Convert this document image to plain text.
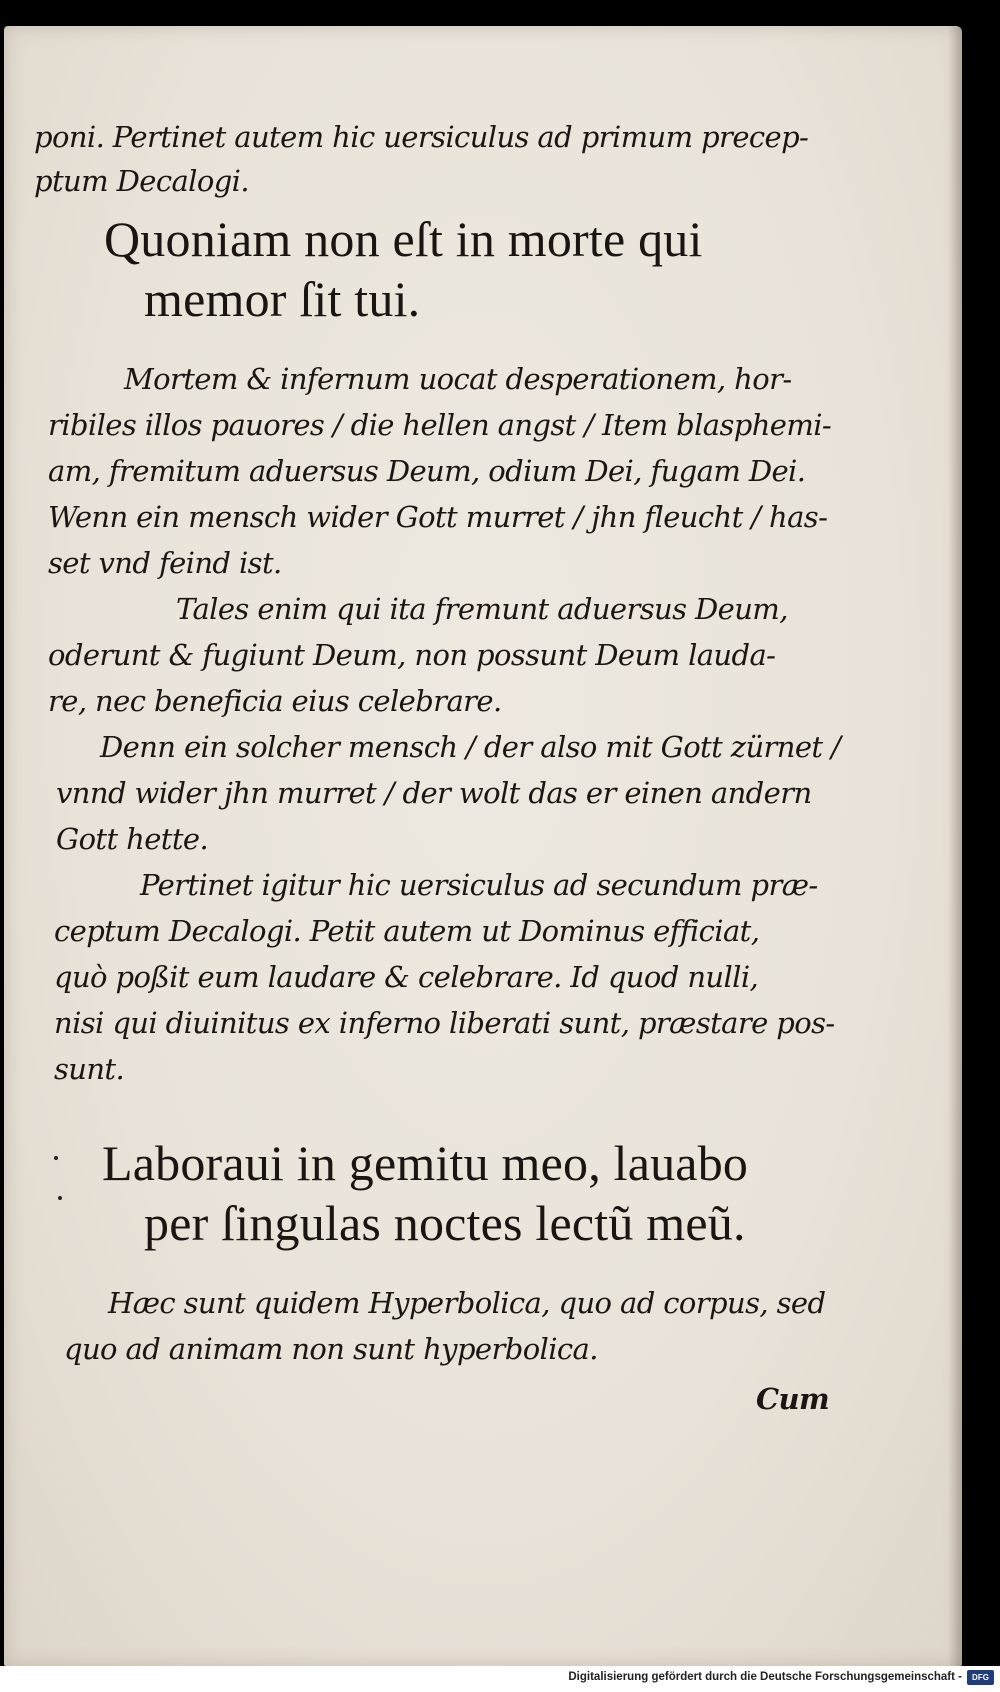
poni. Pertinet autem hic uersiculus ad primum precep-
ptum Decalogi.
Quoniam non eſt in morte qui
memor ſit tui.
Mortem & infernum uocat desperationem, hor-
ribiles illos pauores / die hellen angst / Item blasphemi-
am, fremitum aduersus Deum, odium Dei, fugam Dei.
Wenn ein mensch wider Gott murret / jhn fleucht / has-
set vnd feind ist.
Tales enim qui ita fremunt aduersus Deum,
oderunt & fugiunt Deum, non possunt Deum lauda-
re, nec beneficia eius celebrare.
Denn ein solcher mensch / der also mit Gott zürnet /
vnnd wider jhn murret / der wolt das er einen andern
Gott hette.
Pertinet igitur hic uersiculus ad secundum præ-
ceptum Decalogi. Petit autem ut Dominus efficiat,
quò poßit eum laudare & celebrare. Id quod nulli,
nisi qui diuinitus ex inferno liberati sunt, præstare pos-
sunt.
Laboraui in gemitu meo, lauabo
per ſingulas noctes lectũ meũ.
Hæc sunt quidem Hyperbolica, quo ad corpus, sed
quo ad animam non sunt hyperbolica.
Cum
Digitalisierung gefördert durch die Deutsche Forschungsgemeinschaft -	DFG
